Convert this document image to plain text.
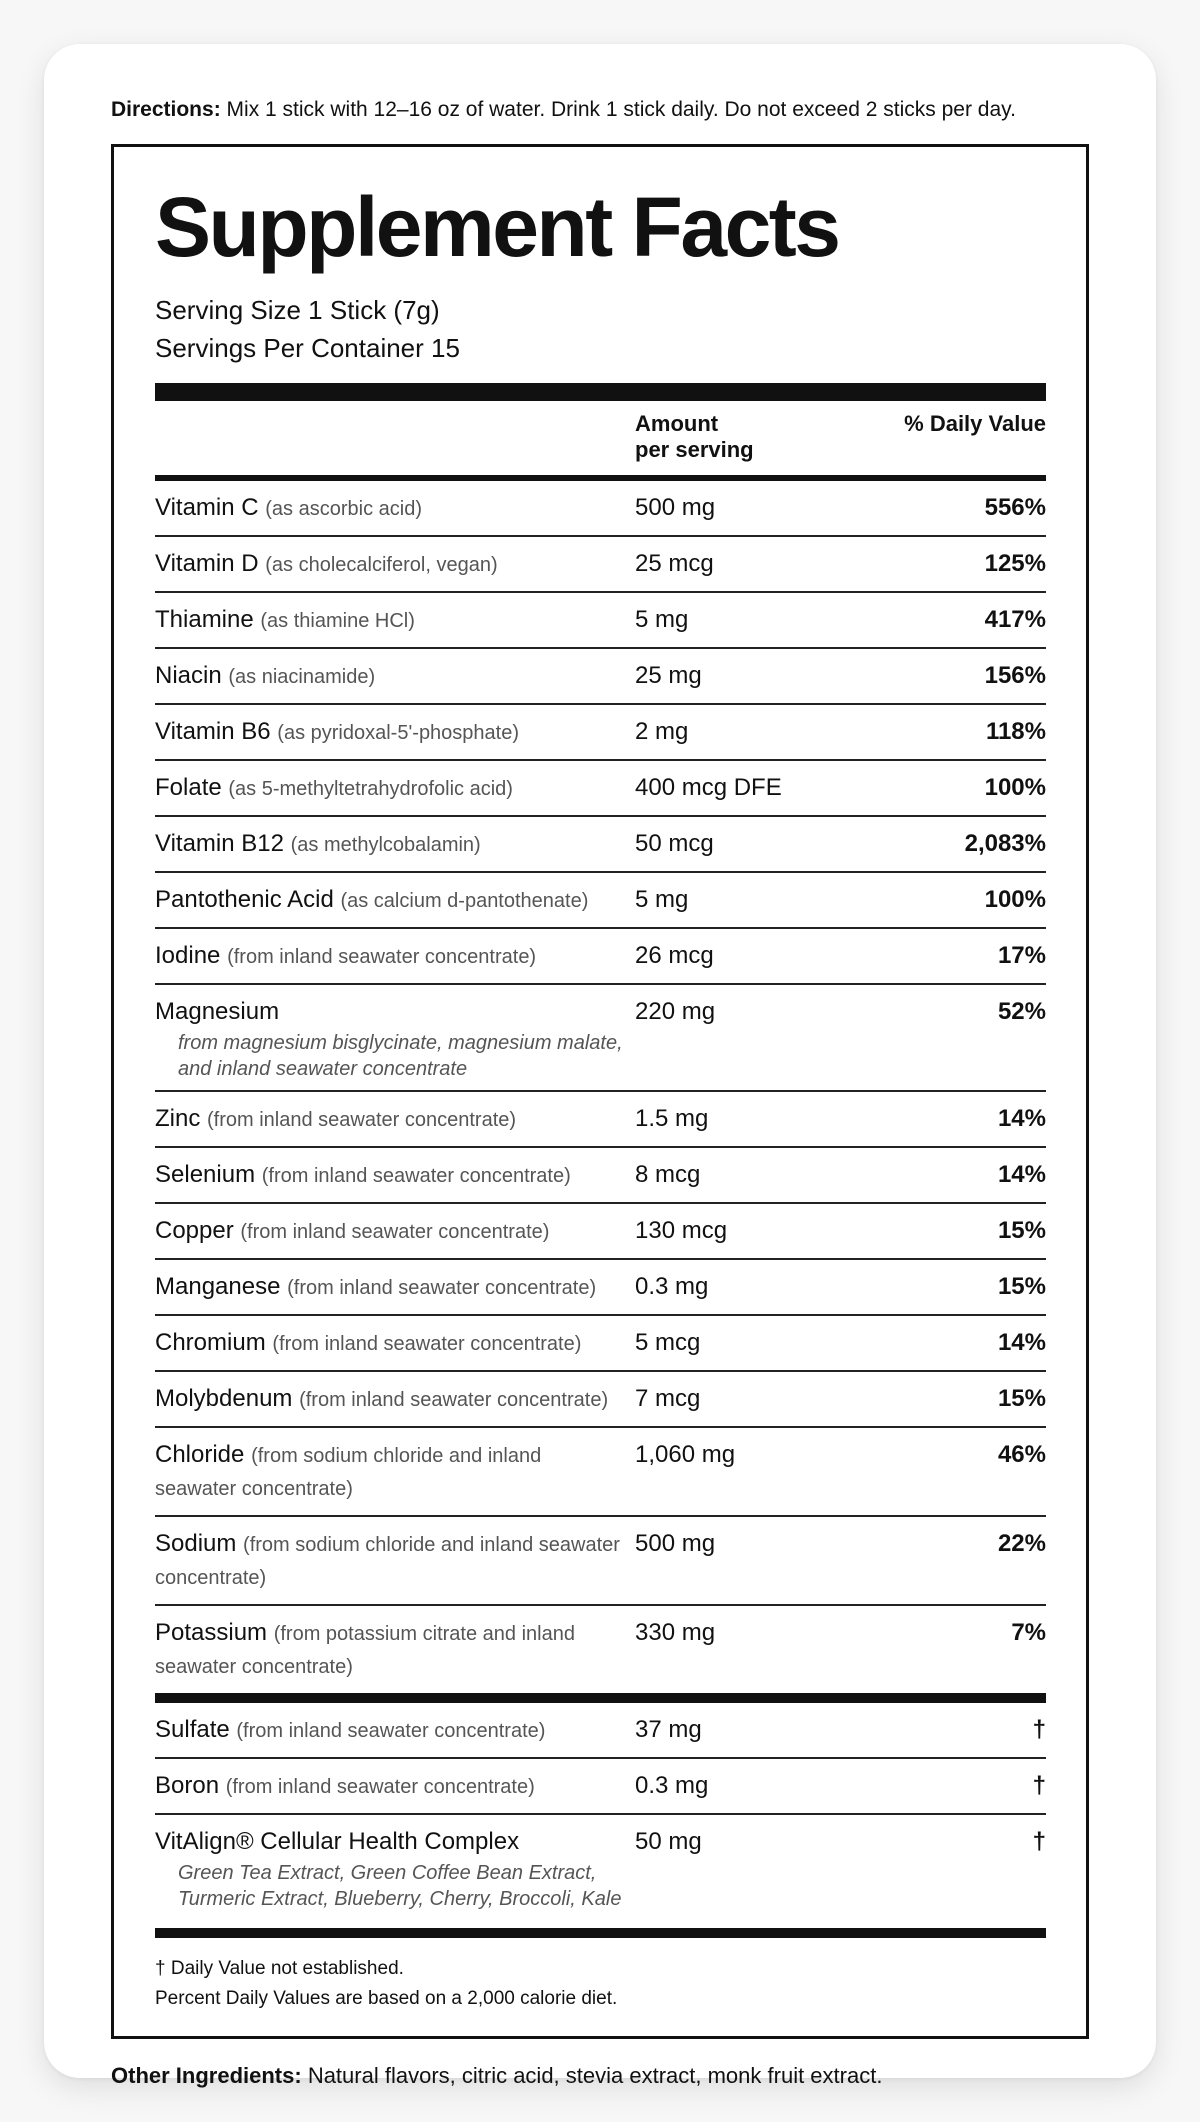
Directions: Mix 1 stick with 12–16 oz of water. Drink 1 stick daily. Do not exceed 2 sticks per day.

Supplement Facts
Serving Size 1 Stick (7g)
Servings Per Container 15
Amount
per serving
% Daily Value
Vitamin C (as ascorbic acid)	500 mg	556%
Vitamin D (as cholecalciferol, vegan)	25 mcg	125%
Thiamine (as thiamine HCl)	5 mg	417%
Niacin (as niacinamide)	25 mg	156%
Vitamin B6 (as pyridoxal-5'-phosphate)	2 mg	118%
Folate (as 5-methyltetrahydrofolic acid)	400 mcg DFE	100%
Vitamin B12 (as methylcobalamin)	50 mcg	2,083%
Pantothenic Acid (as calcium d-pantothenate)	5 mg	100%
Iodine (from inland seawater concentrate)	26 mcg	17%
Magnesium
from magnesium bisglycinate, magnesium malate, and inland seawater concentrate
220 mg	52%
Zinc (from inland seawater concentrate)	1.5 mg	14%
Selenium (from inland seawater concentrate)	8 mcg	14%
Copper (from inland seawater concentrate)	130 mcg	15%
Manganese (from inland seawater concentrate)	0.3 mg	15%
Chromium (from inland seawater concentrate)	5 mcg	14%
Molybdenum (from inland seawater concentrate)	7 mcg	15%
Chloride (from sodium chloride and inland seawater concentrate)
1,060 mg	46%
Sodium (from sodium chloride and inland seawater concentrate)
500 mg	22%
Potassium (from potassium citrate and inland seawater concentrate)
330 mg	7%
Sulfate (from inland seawater concentrate)	37 mg	†
Boron (from inland seawater concentrate)	0.3 mg	†
VitAlign® Cellular Health Complex
Green Tea Extract, Green Coffee Bean Extract, Turmeric Extract, Blueberry, Cherry, Broccoli, Kale
50 mg	†
† Daily Value not established.
Percent Daily Values are based on a 2,000 calorie diet.

Other Ingredients: Natural flavors, citric acid, stevia extract, monk fruit extract.
